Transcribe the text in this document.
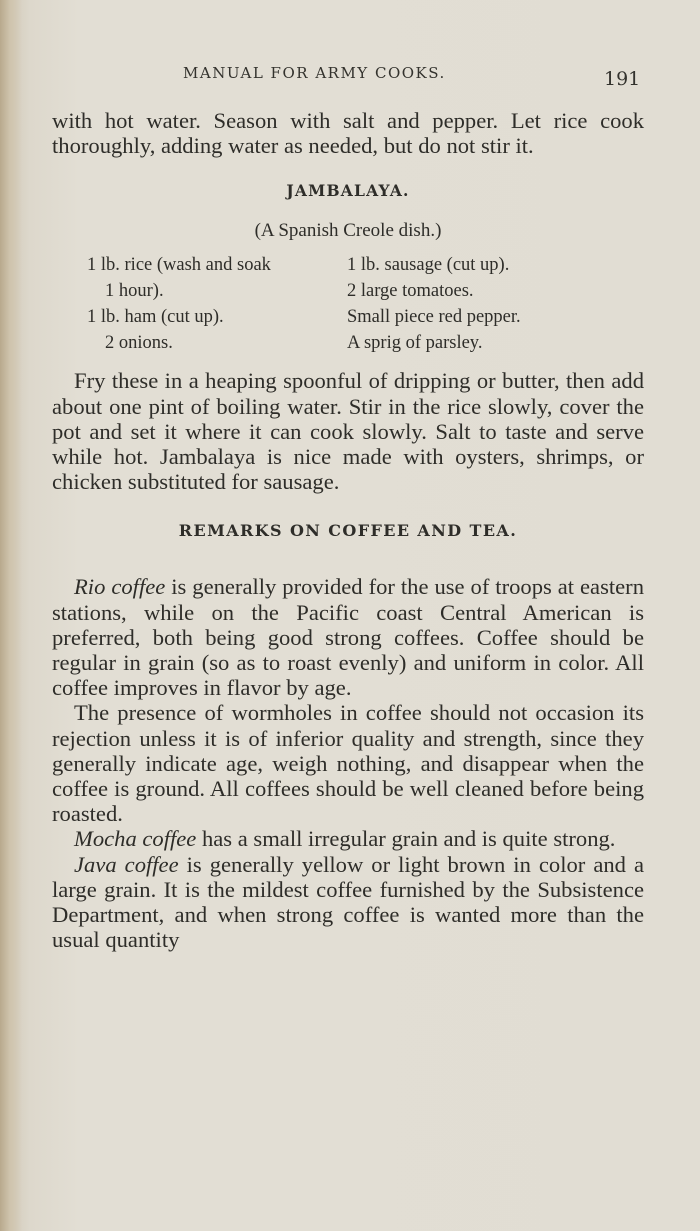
MANUAL FOR ARMY COOKS.	191

with hot water. Season with salt and pepper. Let rice cook thoroughly, adding water as needed, but do not stir it.

JAMBALAYA.
(A Spanish Creole dish.)
1 lb. rice (wash and soak
1 hour).
1 lb. ham (cut up).
2 onions.
1 lb. sausage (cut up).
2 large tomatoes.
Small piece red pepper.
A sprig of parsley.

Fry these in a heaping spoonful of dripping or butter, then add about one pint of boiling water. Stir in the rice slowly, cover the pot and set it where it can cook slowly. Salt to taste and serve while hot. Jambalaya is nice made with oysters, shrimps, or chicken substituted for sausage.

REMARKS ON COFFEE AND TEA.

Rio coffee is generally provided for the use of troops at eastern stations, while on the Pacific coast Central American is preferred, both being good strong coffees. Coffee should be regular in grain (so as to roast evenly) and uniform in color. All coffee improves in flavor by age.

The presence of wormholes in coffee should not occasion its rejection unless it is of inferior quality and strength, since they generally indicate age, weigh nothing, and disappear when the coffee is ground. All coffees should be well cleaned before being roasted.

Mocha coffee has a small irregular grain and is quite strong.

Java coffee is generally yellow or light brown in color and a large grain. It is the mildest coffee furnished by the Subsistence Department, and when strong coffee is wanted more than the usual quantity
